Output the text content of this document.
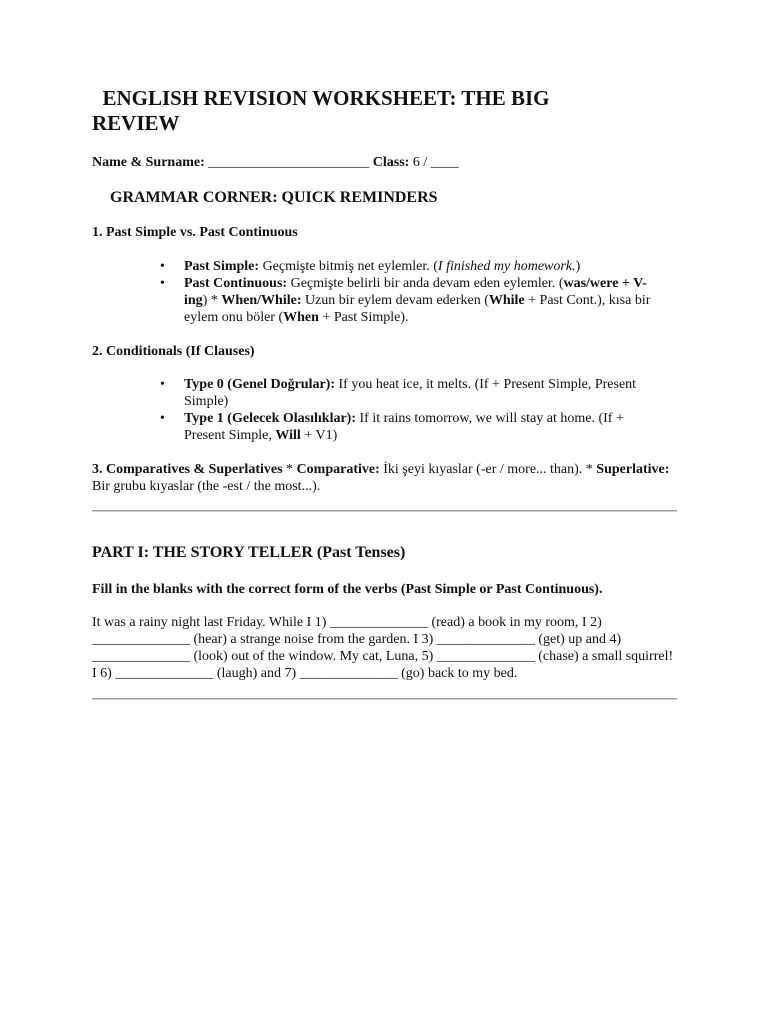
ENGLISH REVISION WORKSHEET: THE BIG
REVIEW
Name & Surname: _______________________ Class: 6 / ____
GRAMMAR CORNER: QUICK REMINDERS
1. Past Simple vs. Past Continuous
• Past Simple: Geçmişte bitmiş net eylemler. (I finished my homework.)
• Past Continuous: Geçmişte belirli bir anda devam eden eylemler. (was/were + V-ing) * When/While: Uzun bir eylem devam ederken (While + Past Cont.), kısa bir eylem onu böler (When + Past Simple).
2. Conditionals (If Clauses)
• Type 0 (Genel Doğrular): If you heat ice, it melts. (If + Present Simple, Present Simple)
• Type 1 (Gelecek Olasılıklar): If it rains tomorrow, we will stay at home. (If + Present Simple, Will + V1)
3. Comparatives & Superlatives * Comparative: İki şeyi kıyaslar (-er / more... than). * Superlative: Bir grubu kıyaslar (the -est / the most...).
PART I: THE STORY TELLER (Past Tenses)
Fill in the blanks with the correct form of the verbs (Past Simple or Past Continuous).
It was a rainy night last Friday. While I 1) ______________ (read) a book in my room, I 2) ______________ (hear) a strange noise from the garden. I 3) ______________ (get) up and 4) ______________ (look) out of the window. My cat, Luna, 5) ______________ (chase) a small squirrel! I 6) ______________ (laugh) and 7) ______________ (go) back to my bed.
